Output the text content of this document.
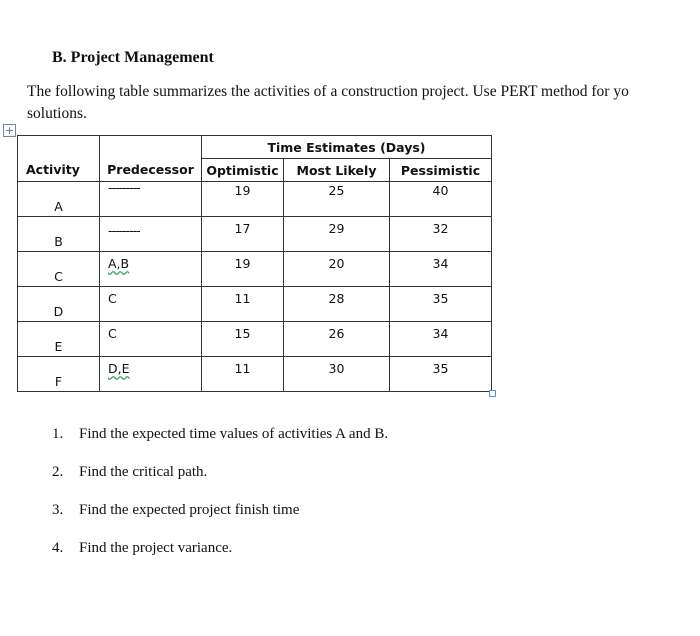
B. Project Management

The following table summarizes the activities of a construction project. Use PERT method for yo
solutions.

+
		Time Estimates (Days)		
Activity	Predecessor	Optimistic	Most Likely	Pessimistic

A	---------	19	25	40

B	---------	17	29	32

C	A,B	19	20	34

D	C	11	28	35

E	C	15	26	34

F	D,E	11	30	35
1. Find the expected time values of activities A and B.
2. Find the critical path.
3. Find the expected project finish time
4. Find the project variance.
